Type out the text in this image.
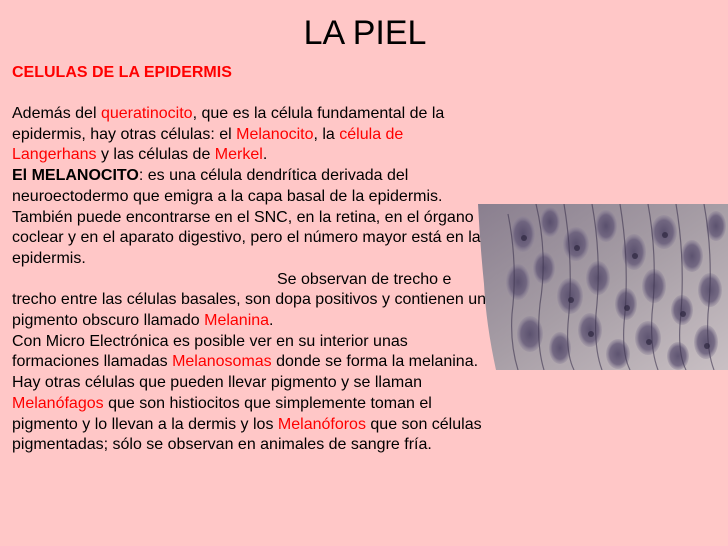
LA PIEL
CELULAS DE LA EPIDERMIS

Además del queratinocito, que es la célula fundamental de la epidermis, hay otras células: el Melanocito, la célula de Langerhans y las células de Merkel.

El MELANOCITO: es una célula dendrítica derivada del neuroectodermo que emigra a la capa basal de la epidermis.

También puede encontrarse en el SNC, en la retina, en el órgano coclear y en el aparato digestivo, pero el número mayor está en la epidermis.

Se observan de trecho e
trecho entre las células basales, son dopa positivos y contienen un pigmento obscuro llamado Melanina.

Con Micro Electrónica es posible ver en su interior unas formaciones llamadas Melanosomas donde se forma la melanina.

Hay otras células que pueden llevar pigmento y se llaman Melanófagos que son histiocitos que simplemente toman el pigmento y lo llevan a la dermis y los Melanóforos que son células pigmentadas; sólo se observan en animales de sangre fría.
